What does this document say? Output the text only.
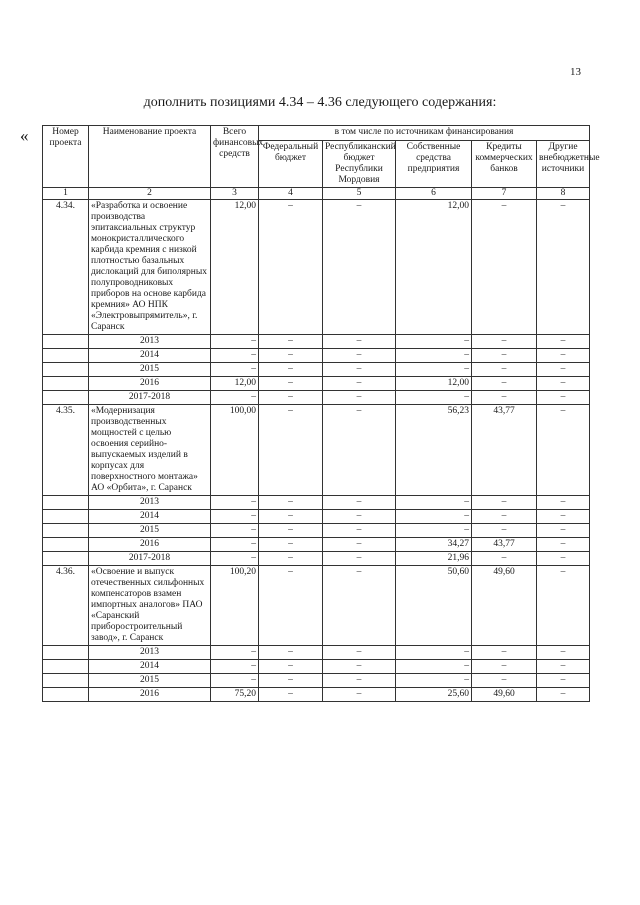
13
дополнить позициями 4.34 – 4.36 следующего содержания:
«	Номер проекта	Наименование проекта	Всего финансовых средств	в том числе по источникам финансирования				
			Федеральный бюджет	Республиканский бюджет Республики Мордовия	Собственные средства предприятия	Кредиты коммерческих банков	Другие внебюджетные источники
1	2	3	4	5	6	7	8
4.34.	«Разработка и освоение производства эпитаксиальных структур монокристаллического карбида кремния с низкой плотностью базальных дислокаций для биполярных полупроводниковых приборов на основе карбида кремния» АО НПК «Электровыпрямитель», г. Саранск	12,00	–	–	12,00	–	–
	2013	–	–	–	–	–	–
	2014	–	–	–	–	–	–
	2015	–	–	–	–	–	–
	2016	12,00	–	–	12,00	–	–
	2017-2018	–	–	–	–	–	–
4.35.	«Модернизация производственных мощностей с целью освоения серийно-выпускаемых изделий в корпусах для поверхностного монтажа» АО «Орбита», г. Саранск	100,00	–	–	56,23	43,77	–
	2013	–	–	–	–	–	–
	2014	–	–	–	–	–	–
	2015	–	–	–	–	–	–
	2016	–	–	–	34,27	43,77	–
	2017-2018	–	–	–	21,96	–	–
4.36.	«Освоение и выпуск отечественных сильфонных компенсаторов взамен импортных аналогов» ПАО «Саранский приборостроительный завод», г. Саранск	100,20	–	–	50,60	49,60	–
	2013	–	–	–	–	–	–
	2014	–	–	–	–	–	–
	2015	–	–	–	–	–	–
	2016	75,20	–	–	25,60	49,60	–
